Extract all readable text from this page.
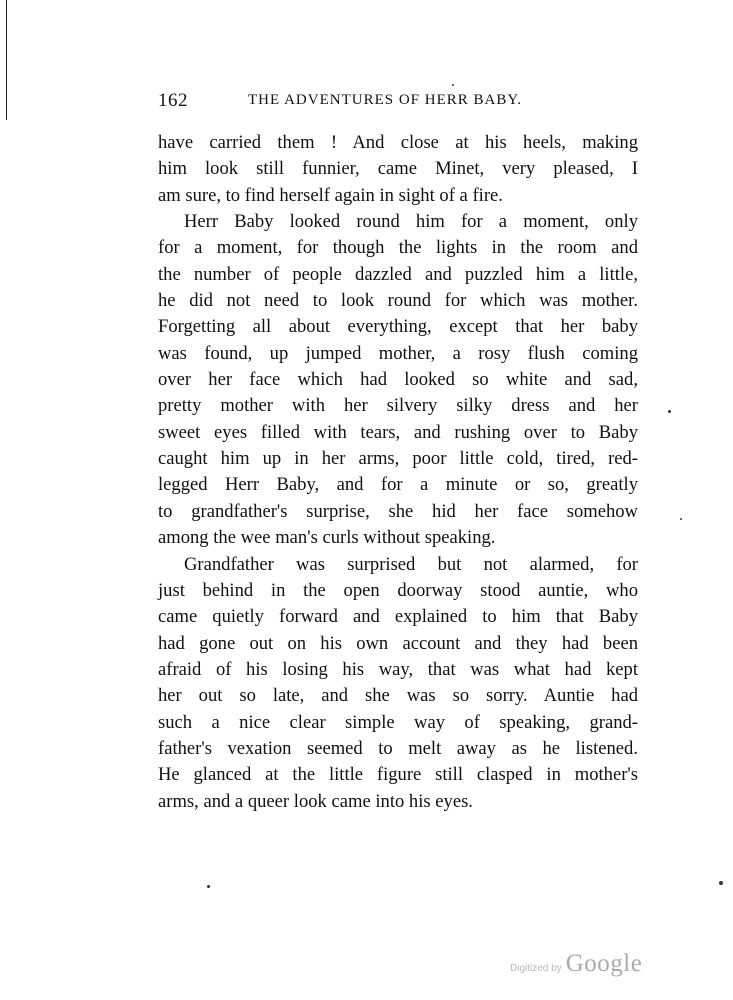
162	THE ADVENTURES OF HERR BABY.
have carried them ! And close at his heels, making
him look still funnier, came Minet, very pleased, I
am sure, to find herself again in sight of a fire.
Herr Baby looked round him for a moment, only
for a moment, for though the lights in the room and
the number of people dazzled and puzzled him a little,
he did not need to look round for which was mother.
Forgetting all about everything, except that her baby
was found, up jumped mother, a rosy flush coming
over her face which had looked so white and sad,
pretty mother with her silvery silky dress and her
sweet eyes filled with tears, and rushing over to Baby
caught him up in her arms, poor little cold, tired, red-
legged Herr Baby, and for a minute or so, greatly
to grandfather's surprise, she hid her face somehow
among the wee man's curls without speaking.
Grandfather was surprised but not alarmed, for
just behind in the open doorway stood auntie, who
came quietly forward and explained to him that Baby
had gone out on his own account and they had been
afraid of his losing his way, that was what had kept
her out so late, and she was so sorry. Auntie had
such a nice clear simple way of speaking, grand-
father's vexation seemed to melt away as he listened.
He glanced at the little figure still clasped in mother's
arms, and a queer look came into his eyes.
Digitized by Google
